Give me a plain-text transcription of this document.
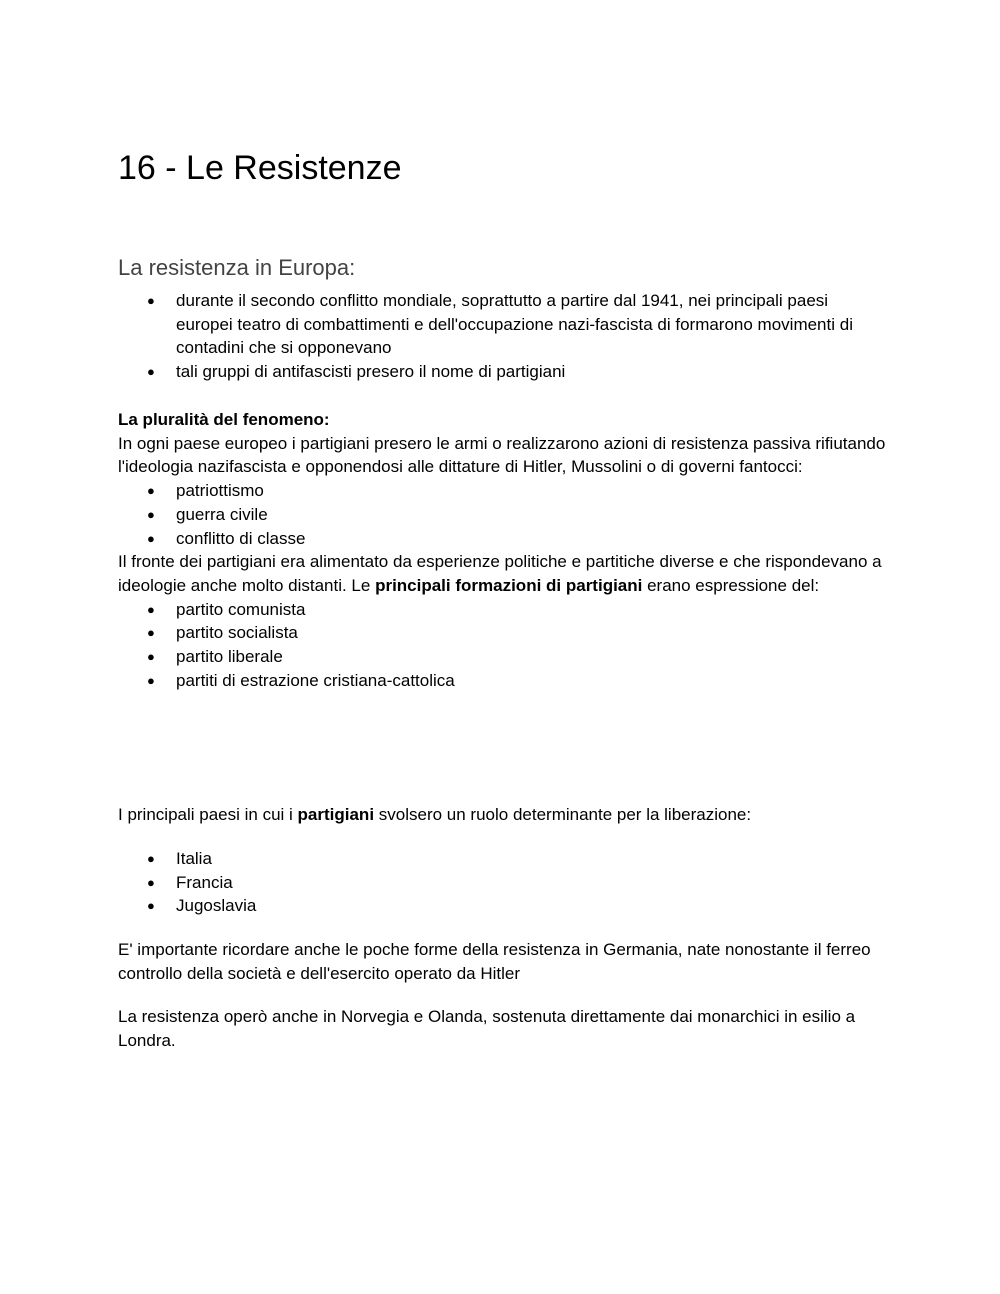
16 - Le Resistenze
La resistenza in Europa:
● durante il secondo conflitto mondiale, soprattutto a partire dal 1941, nei principali paesi europei teatro di combattimenti e dell'occupazione nazi-fascista di formarono movimenti di contadini che si opponevano
● tali gruppi di antifascisti presero il nome di partigiani

La pluralità del fenomeno:

In ogni paese europeo i partigiani presero le armi o realizzarono azioni di resistenza passiva rifiutando l'ideologia nazifascista e opponendosi alle dittature di Hitler, Mussolini o di governi fantocci:

● patriottismo
● guerra civile
● conflitto di classe

Il fronte dei partigiani era alimentato da esperienze politiche e partitiche diverse e che rispondevano a ideologie anche molto distanti. Le principali formazioni di partigiani erano espressione del:

● partito comunista
● partito socialista
● partito liberale
● partiti di estrazione cristiana-cattolica

I principali paesi in cui i partigiani svolsero un ruolo determinante per la liberazione:

● Italia
● Francia
● Jugoslavia

E' importante ricordare anche le poche forme della resistenza in Germania, nate nonostante il ferreo controllo della società e dell'esercito operato da Hitler

La resistenza operò anche in Norvegia e Olanda, sostenuta direttamente dai monarchici in esilio a Londra.
